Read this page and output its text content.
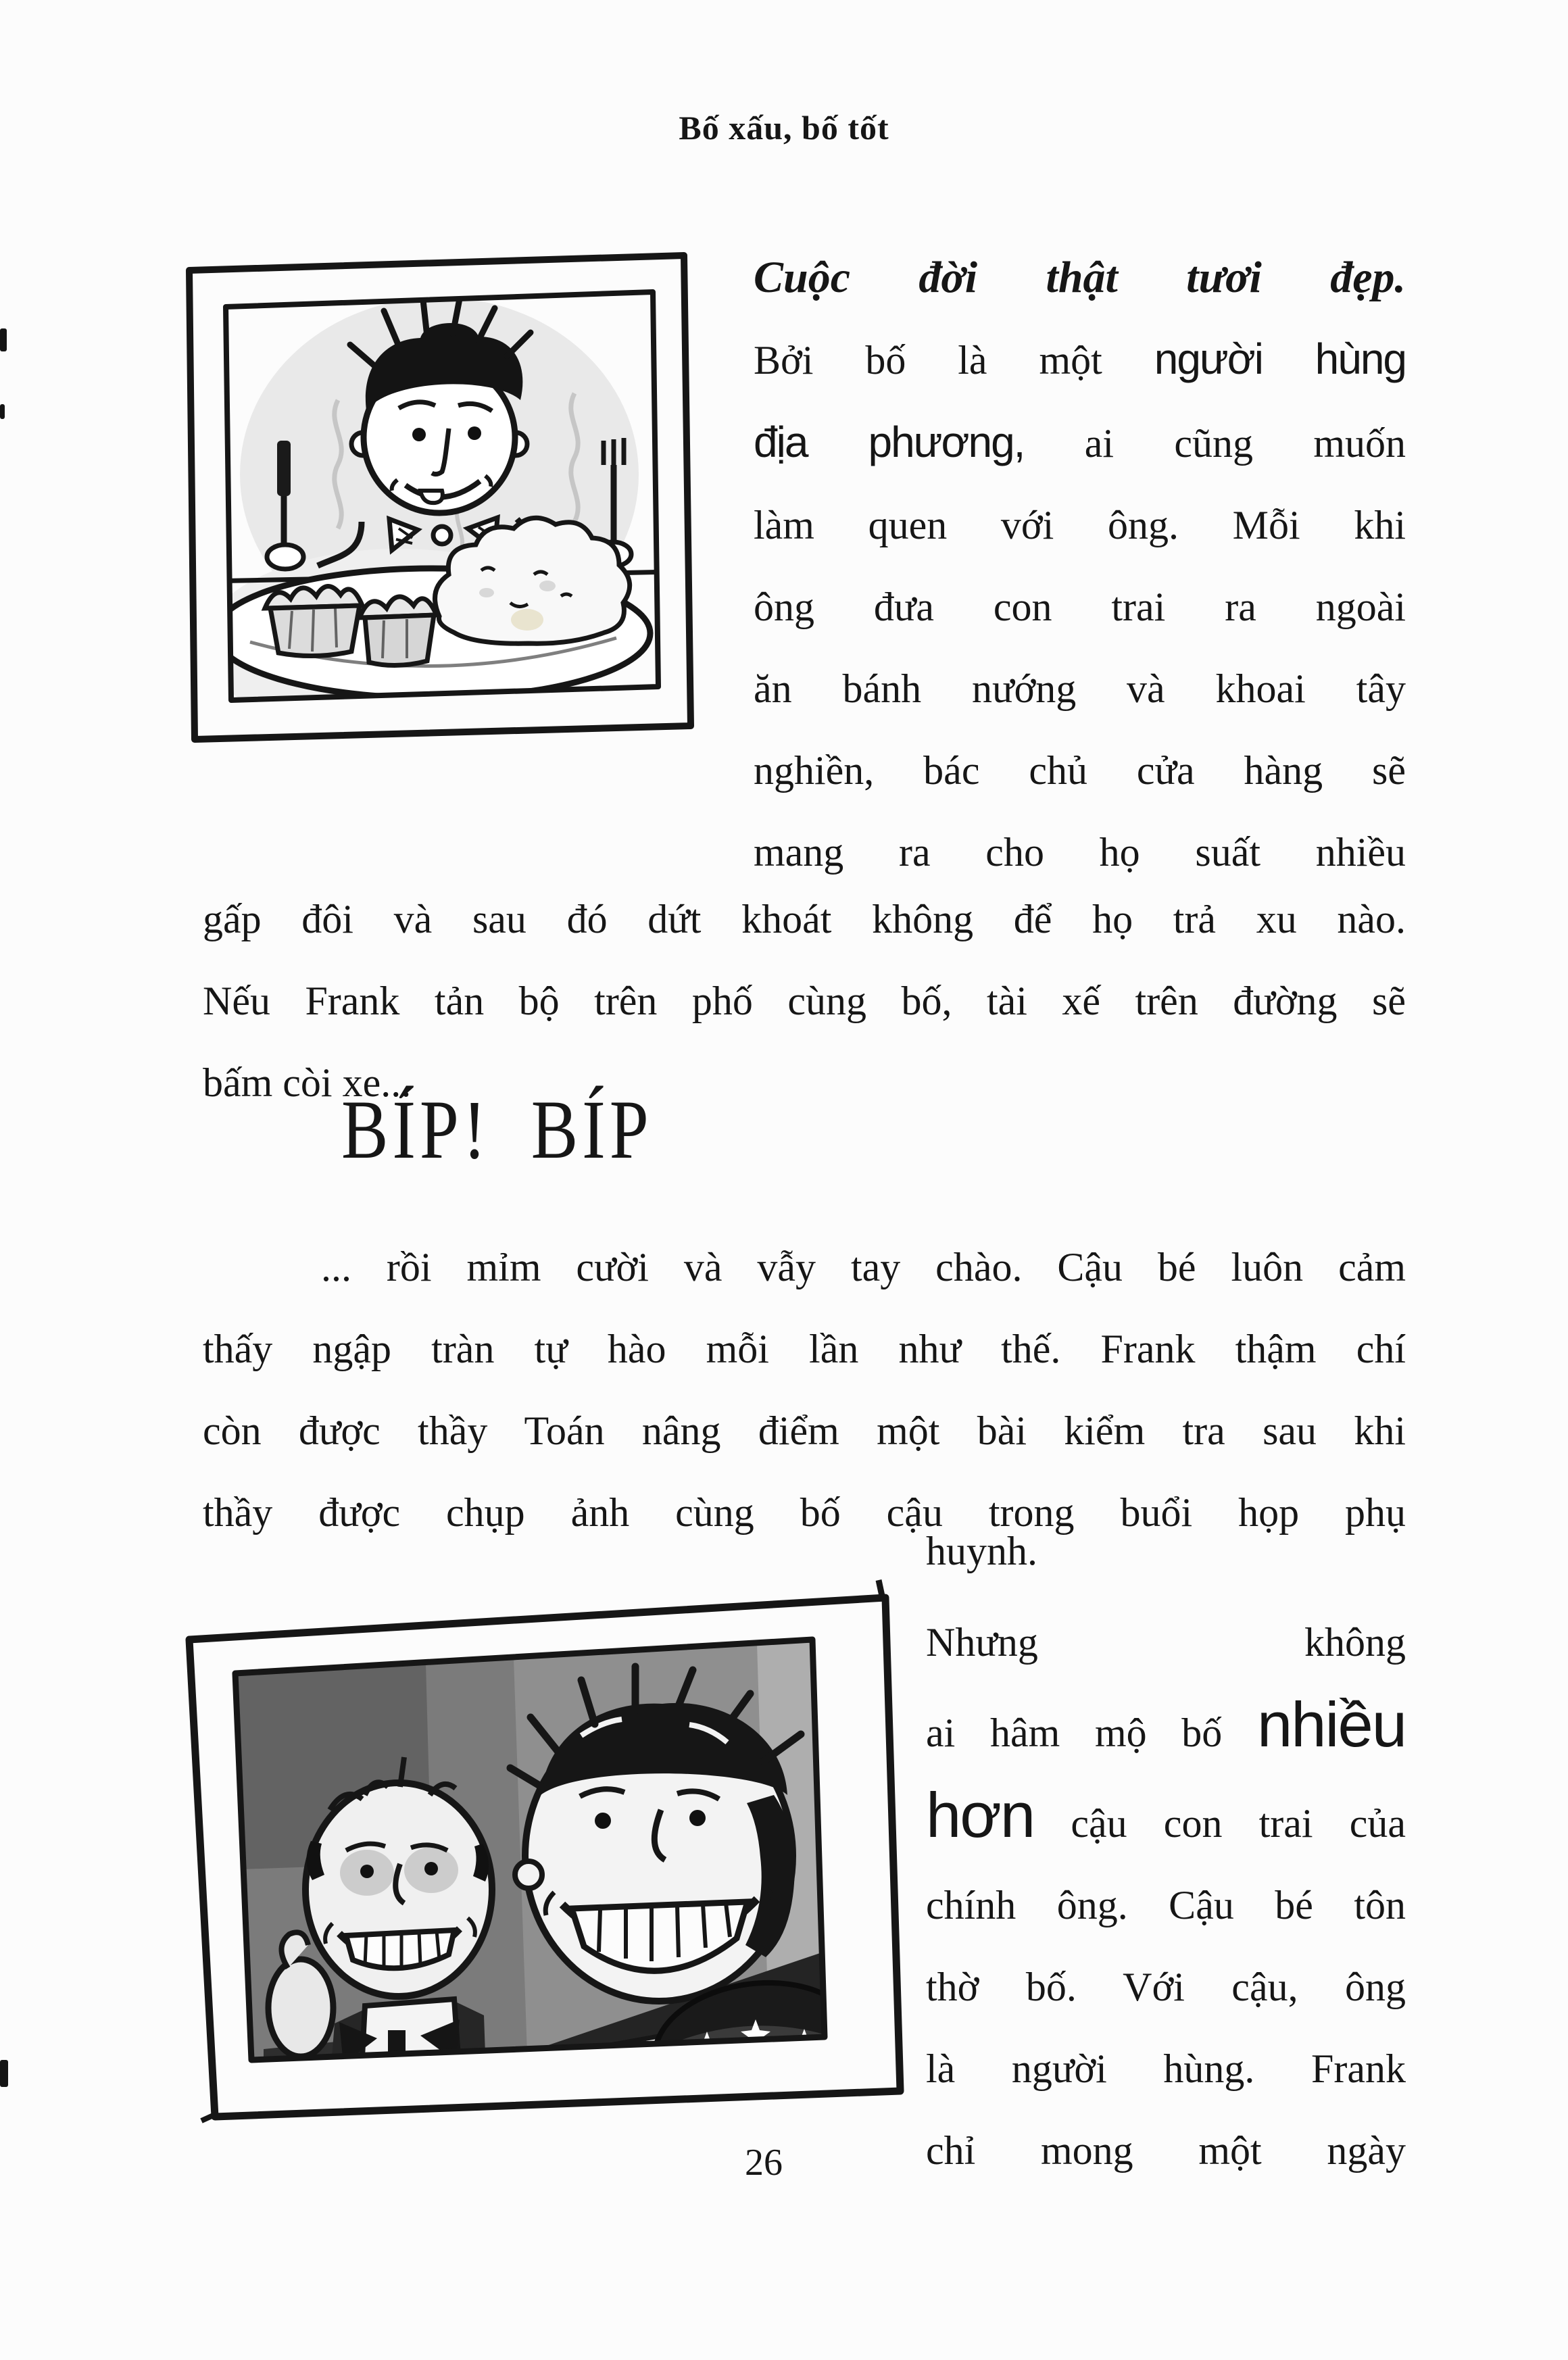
Bố xấu, bố tốt
Cuộc đời thật tươi đẹp.
Bởi bố là một người hùng
địa phương, ai cũng muốn
làm quen với ông. Mỗi khi
ông đưa con trai ra ngoài
ăn bánh nướng và khoai tây
nghiền, bác chủ cửa hàng sẽ
mang ra cho họ suất nhiều
gấp đôi và sau đó dứt khoát không để họ trả xu nào.
Nếu Frank tản bộ trên phố cùng bố, tài xế trên đường sẽ
bấm còi xe...
BÍP! BÍP
... rồi mỉm cười và vẫy tay chào. Cậu bé luôn cảm
thấy ngập tràn tự hào mỗi lần như thế. Frank thậm chí
còn được thầy Toán nâng điểm một bài kiểm tra sau khi
thầy được chụp ảnh cùng bố cậu trong buổi họp phụ
huynh.
Nhưng không
ai hâm mộ bố nhiều
hơn cậu con trai của
chính ông. Cậu bé tôn
thờ bố. Với cậu, ông
là người hùng. Frank
chỉ mong một ngày
26
